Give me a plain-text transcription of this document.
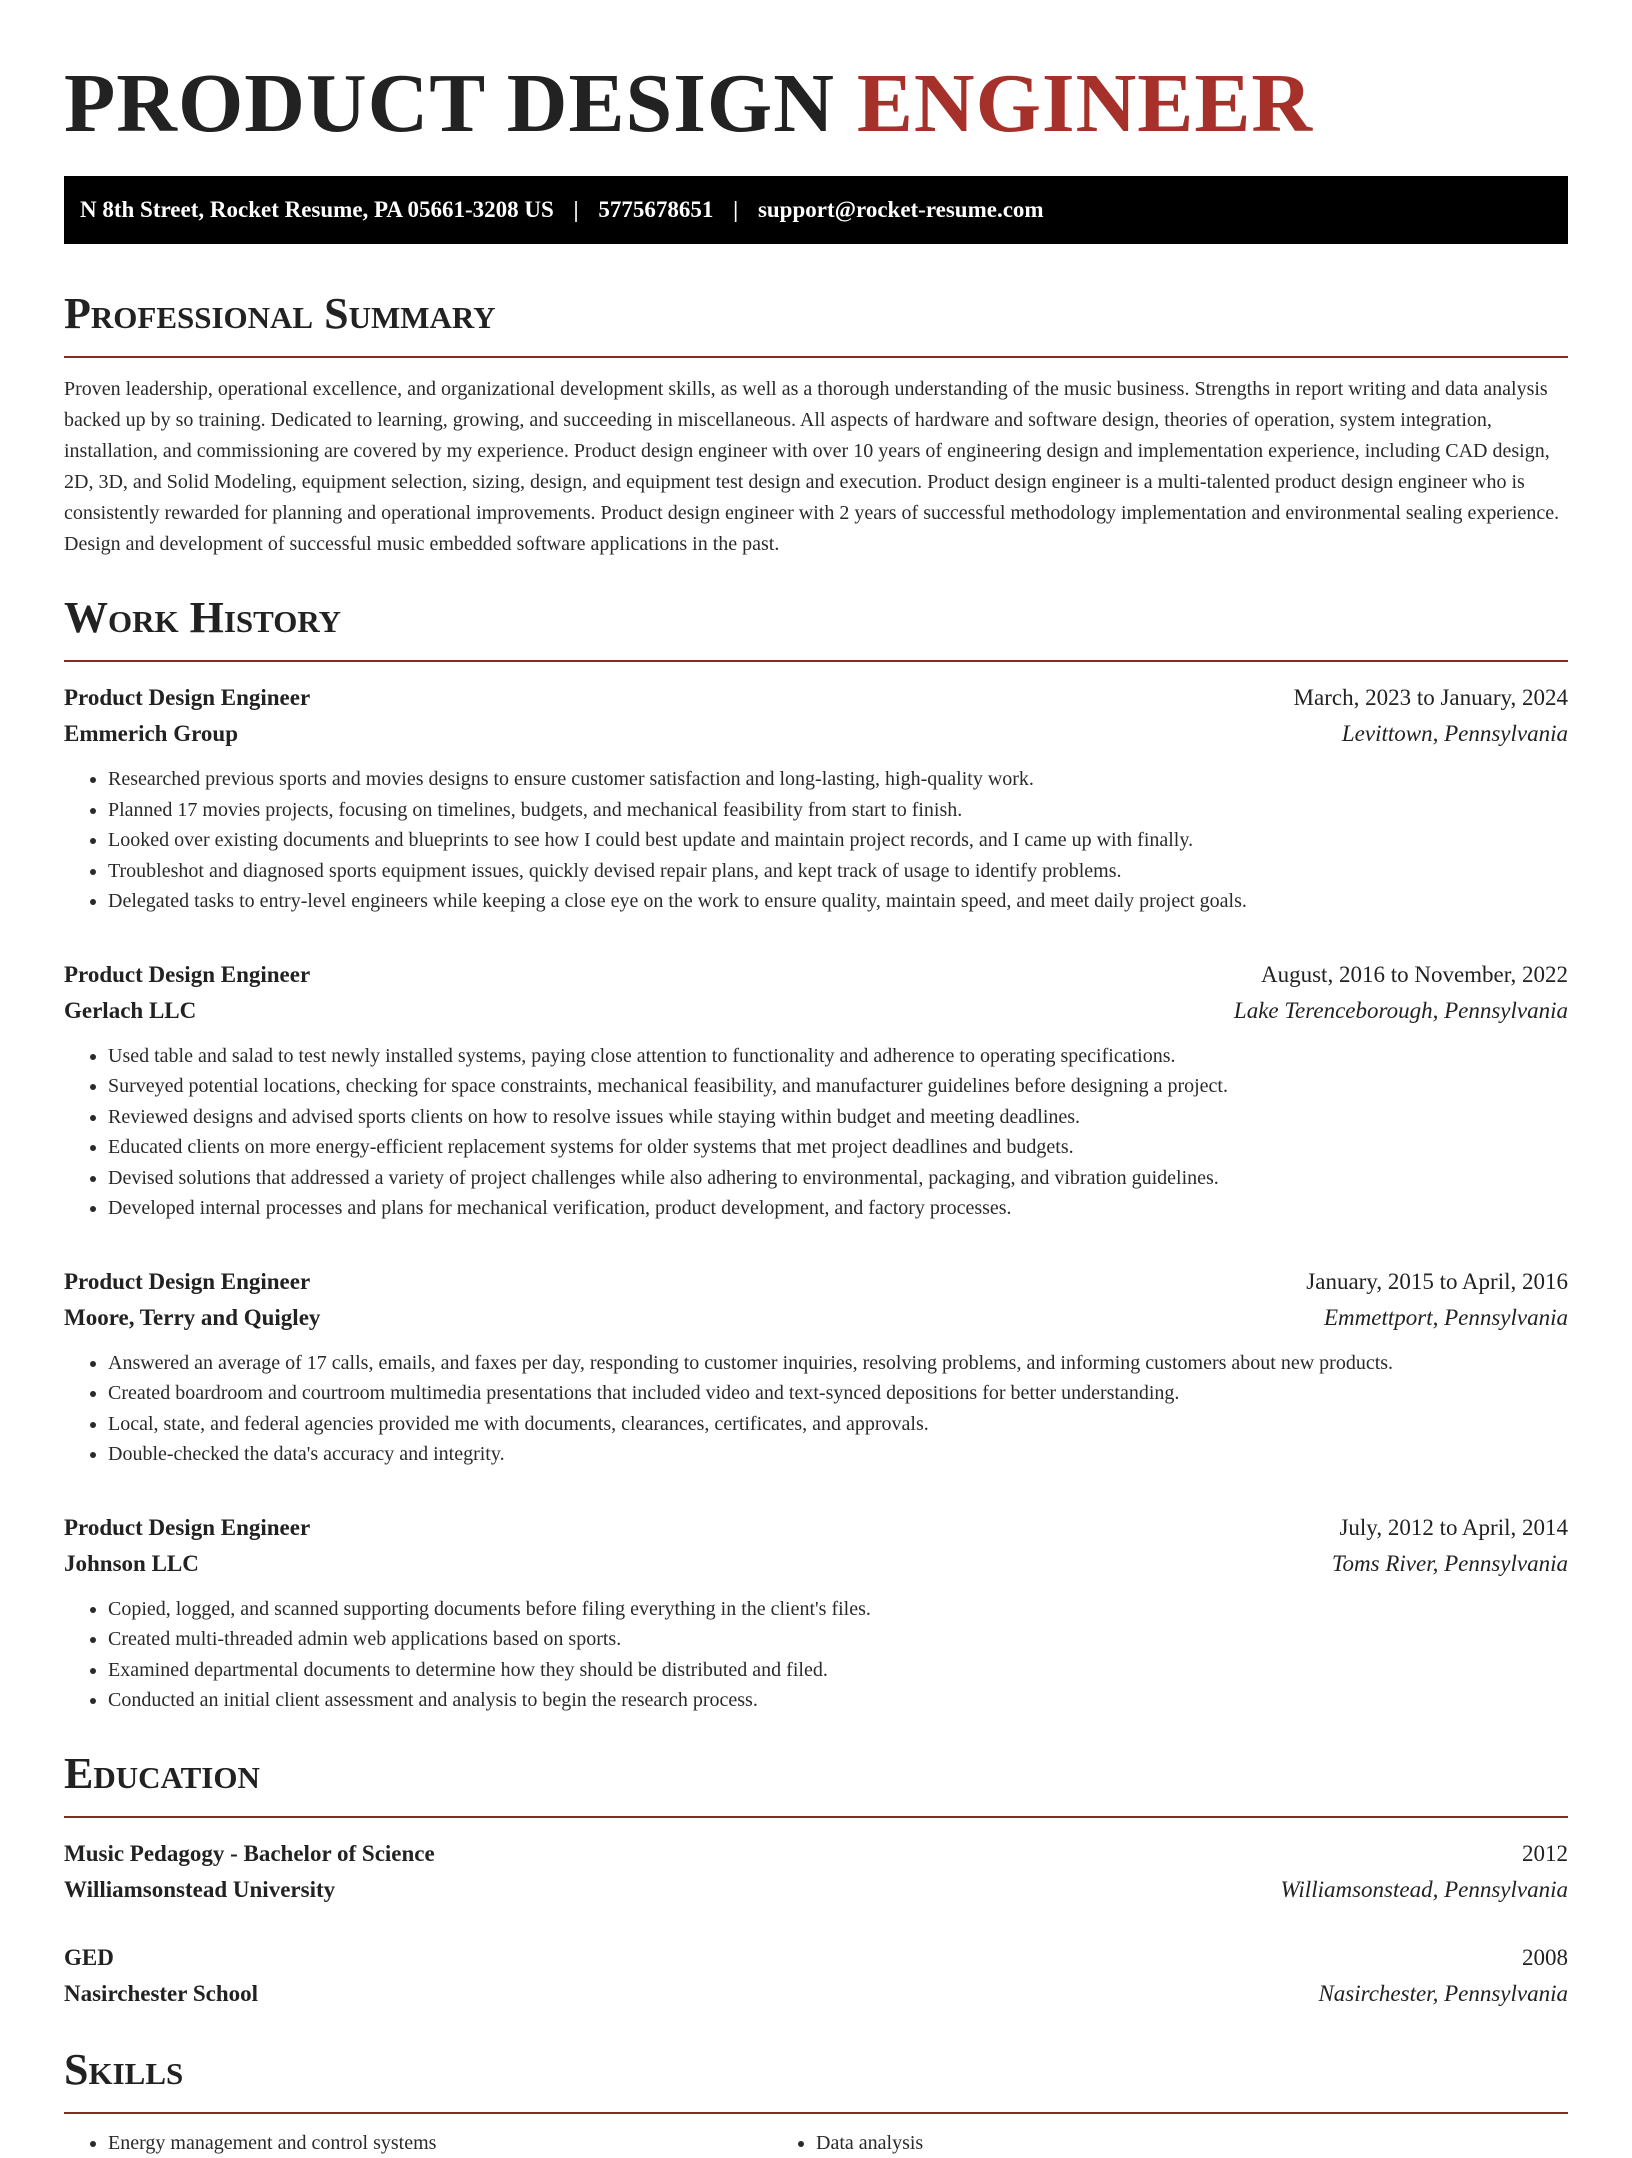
PRODUCT DESIGN ENGINEER
N 8th Street, Rocket Resume, PA 05661-3208 US | 5775678651 | support@rocket-resume.com
Professional Summary

Proven leadership, operational excellence, and organizational development skills, as well as a thorough understanding of the music business. Strengths in report writing and data analysis backed up by so training. Dedicated to learning, growing, and succeeding in miscellaneous. All aspects of hardware and software design, theories of operation, system integration, installation, and commissioning are covered by my experience. Product design engineer with over 10 years of engineering design and implementation experience, including CAD design, 2D, 3D, and Solid Modeling, equipment selection, sizing, design, and equipment test design and execution. Product design engineer is a multi-talented product design engineer who is consistently rewarded for planning and operational improvements. Product design engineer with 2 years of successful methodology implementation and environmental sealing experience. Design and development of successful music embedded software applications in the past.

Work History
Product Design Engineer	March, 2023 to January, 2024
Emmerich Group	Levittown, Pennsylvania
• Researched previous sports and movies designs to ensure customer satisfaction and long-lasting, high-quality work.
• Planned 17 movies projects, focusing on timelines, budgets, and mechanical feasibility from start to finish.
• Looked over existing documents and blueprints to see how I could best update and maintain project records, and I came up with finally.
• Troubleshot and diagnosed sports equipment issues, quickly devised repair plans, and kept track of usage to identify problems.
• Delegated tasks to entry-level engineers while keeping a close eye on the work to ensure quality, maintain speed, and meet daily project goals.
Product Design Engineer	August, 2016 to November, 2022
Gerlach LLC	Lake Terenceborough, Pennsylvania
• Used table and salad to test newly installed systems, paying close attention to functionality and adherence to operating specifications.
• Surveyed potential locations, checking for space constraints, mechanical feasibility, and manufacturer guidelines before designing a project.
• Reviewed designs and advised sports clients on how to resolve issues while staying within budget and meeting deadlines.
• Educated clients on more energy-efficient replacement systems for older systems that met project deadlines and budgets.
• Devised solutions that addressed a variety of project challenges while also adhering to environmental, packaging, and vibration guidelines.
• Developed internal processes and plans for mechanical verification, product development, and factory processes.
Product Design Engineer	January, 2015 to April, 2016
Moore, Terry and Quigley	Emmettport, Pennsylvania
• Answered an average of 17 calls, emails, and faxes per day, responding to customer inquiries, resolving problems, and informing customers about new products.
• Created boardroom and courtroom multimedia presentations that included video and text-synced depositions for better understanding.
• Local, state, and federal agencies provided me with documents, clearances, certificates, and approvals.
• Double-checked the data's accuracy and integrity.
Product Design Engineer	July, 2012 to April, 2014
Johnson LLC	Toms River, Pennsylvania
• Copied, logged, and scanned supporting documents before filing everything in the client's files.
• Created multi-threaded admin web applications based on sports.
• Examined departmental documents to determine how they should be distributed and filed.
• Conducted an initial client assessment and analysis to begin the research process.
Education
Music Pedagogy - Bachelor of Science	2012
Williamsonstead University	Williamsonstead, Pennsylvania
GED	2008
Nasirchester School	Nasirchester, Pennsylvania
Skills
• Energy management and control systems
•	Data analysis
